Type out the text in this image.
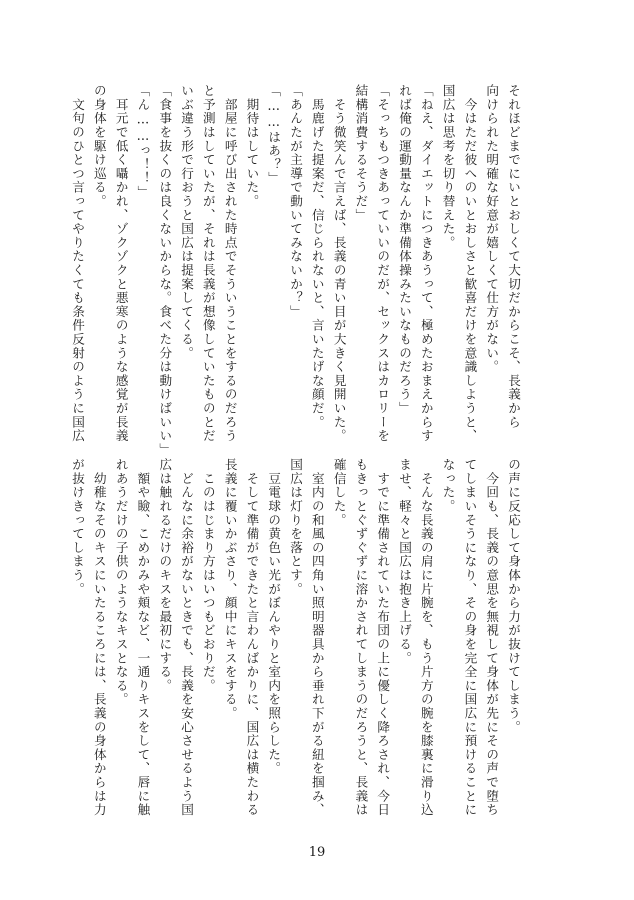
それほどまでにいとおしくて大切だからこそ、長義から
向けられた明確な好意が嬉しくて仕方がない。
　今はただ彼へのいとおしさと歓喜だけを意識しようと、
国広は思考を切り替えた。
「ねえ、ダイエットにつきあうって、極めたおまえからす
れば俺の運動量なんか準備体操みたいなものだろう」
「そっちもつきあっていいのだが、セックスはカロリーを
結構消費するそうだ」
　そう微笑んで言えば、長義の青い目が大きく見開いた。
　馬鹿げた提案だ、信じられないと、言いたげな顔だ。
「あんたが主導で動いてみないか？」
「……はあ？」
　期待はしていた。
　部屋に呼び出された時点でそういうことをするのだろう
と予測はしていたが、それは長義が想像していたものとだ
いぶ違う形で行おうと国広は提案してくる。
「食事を抜くのは良くないからな。食べた分は動けばいい」
「ん……っ！！」
　耳元で低く囁かれ、ゾクゾクと悪寒のような感覚が長義
の身体を駆け巡る。
　文句のひとつ言ってやりたくても条件反射のように国広
の声に反応して身体から力が抜けてしまう。
　今回も、長義の意思を無視して身体が先にその声で堕ち
てしまいそうになり、その身を完全に国広に預けることに
なった。
　そんな長義の肩に片腕を、もう片方の腕を膝裏に滑り込
ませ、軽々と国広は抱き上げる。
　すでに準備されていた布団の上に優しく降ろされ、今日
もきっとぐずぐずに溶かされてしまうのだろうと、長義は
確信した。
　室内の和風の四角い照明器具から垂れ下がる紐を掴み、
国広は灯りを落とす。
　豆電球の黄色い光がぼんやりと室内を照らした。
　そして準備ができたと言わんばかりに、国広は横たわる
長義に覆いかぶさり、顔中にキスをする。
　このはじまり方はいつもどおりだ。
　どんなに余裕がないときでも、長義を安心させるよう国
広は触れるだけのキスを最初にする。
　額や瞼、こめかみや頬など、一通りキスをして、唇に触
れあうだけの子供のようなキスとなる。
　幼稚なそのキスにいたるころには、長義の身体からは力
が抜けきってしまう。
19
